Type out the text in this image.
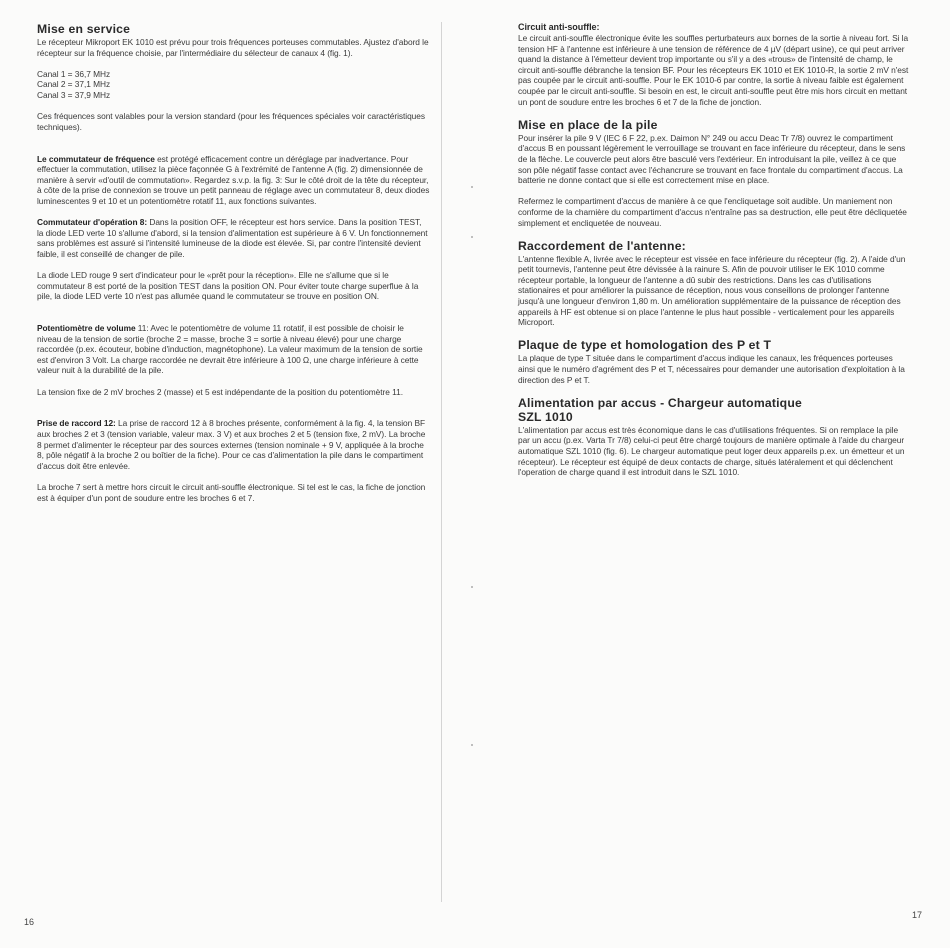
Mise en service

Le récepteur Mikroport EK 1010 est prévu pour trois fréquences porteuses commutables. Ajustez d'abord le récepteur sur la fréquence choisie, par l'intermédiaire du sélecteur de canaux 4 (fig. 1).

Canal 1 = 36,7 MHz
Canal 2 = 37,1 MHz
Canal 3 = 37,9 MHz

Ces fréquences sont valables pour la version standard (pour les fréquences spéciales voir caractéristiques techniques).

Le commutateur de fréquence est protégé efficacement contre un déréglage par inadvertance. Pour effectuer la commutation, utilisez la pièce façonnée G à l'extrémité de l'antenne A (fig. 2) dimensionnée de manière à servir «d'outil de commutation». Regardez s.v.p. la fig. 3: Sur le côté droit de la tête du récepteur, à côte de la prise de connexion se trouve un petit panneau de réglage avec un commutateur 8, deux diodes luminescentes 9 et 10 et un potentiomètre rotatif 11, aux fonctions suivantes.

Commutateur d'opération 8: Dans la position OFF, le récepteur est hors service. Dans la position TEST, la diode LED verte 10 s'allume d'abord, si la tension d'alimentation est supérieure à 6 V. Un fonctionnement sans problèmes est assuré si l'intensité lumineuse de la diode est élevée. Si, par contre l'intensité devient faible, il est conseillé de changer de pile.

La diode LED rouge 9 sert d'indicateur pour le «prêt pour la réception». Elle ne s'allume que si le commutateur 8 est porté de la position TEST dans la position ON. Pour éviter toute charge superflue à la pile, la diode LED verte 10 n'est pas allumée quand le commutateur se trouve en position ON.

Potentiomètre de volume 11: Avec le potentiomètre de volume 11 rotatif, il est possible de choisir le niveau de la tension de sortie (broche 2 = masse, broche 3 = sortie à niveau élevé) pour une charge raccordée (p.ex. écouteur, bobine d'induction, magnétophone). La valeur maximum de la tension de sortie est d'environ 3 Volt. La charge raccordée ne devrait être inférieure à 100 Ω, une charge inférieure à cette valeur nuit à la durabilité de la pile.

La tension fixe de 2 mV broches 2 (masse) et 5 est indépendante de la position du potentiomètre 11.

Prise de raccord 12: La prise de raccord 12 à 8 broches présente, conformément à la fig. 4, la tension BF aux broches 2 et 3 (tension variable, valeur max. 3 V) et aux broches 2 et 5 (tension fixe, 2 mV). La broche 8 permet d'alimenter le récepteur par des sources externes (tension nominale + 9 V, appliquée à la broche 8, pôle négatif à la broche 2 ou boîtier de la fiche). Pour ce cas d'alimentation la pile dans le compartiment d'accus doit être enlevée.

La broche 7 sert à mettre hors circuit le circuit anti-souffle électronique. Si tel est le cas, la fiche de jonction est à équiper d'un pont de soudure entre les broches 6 et 7.

Circuit anti-souffle:

Le circuit anti-souffle électronique évite les souffles perturbateurs aux bornes de la sortie à niveau fort. Si la tension HF à l'antenne est inférieure à une tension de référence de 4 µV (départ usine), ce qui peut arriver quand la distance à l'émetteur devient trop importante ou s'il y a des «trous» de l'intensité de champ, le circuit anti-souffle débranche la tension BF. Pour les récepteurs EK 1010 et EK 1010-R, la sortie 2 mV n'est pas coupée par le circuit anti-souffle. Pour le EK 1010-6 par contre, la sortie à niveau faible est également coupée par le circuit anti-souffle. Si besoin en est, le circuit anti-souffle peut être mis hors circuit en mettant un pont de soudure entre les broches 6 et 7 de la fiche de jonction.

Mise en place de la pile

Pour insérer la pile 9 V (IEC 6 F 22, p.ex. Daimon N° 249 ou accu Deac Tr 7/8) ouvrez le compartiment d'accus B en poussant légèrement le verrouillage se trouvant en face inférieure du récepteur, dans le sens de la flèche. Le couvercle peut alors être basculé vers l'extérieur. En introduisant la pile, veillez à ce que son pôle négatif fasse contact avec l'échancrure se trouvant en face frontale du compartiment d'accus. La batterie ne donne contact que si elle est correctement mise en place.

Refermez le compartiment d'accus de manière à ce que l'encliquetage soit audible. Un maniement non conforme de la charnière du compartiment d'accus n'entraîne pas sa destruction, elle peut être décliquetée simplement et encliquetée de nouveau.

Raccordement de l'antenne:

L'antenne flexible A, livrée avec le récepteur est vissée en face inférieure du récepteur (fig. 2). A l'aide d'un petit tournevis, l'antenne peut être dévissée à la rainure S. Afin de pouvoir utiliser le EK 1010 comme récepteur portable, la longueur de l'antenne a dû subir des restrictions. Dans les cas d'utilisations stationaires et pour améliorer la puissance de réception, nous vous conseillons de prolonger l'antenne jusqu'à une longueur d'environ 1,80 m. Un amélioration supplémentaire de la puissance de réception des appareils à HF est obtenue si on place l'antenne le plus haut possible - verticalement pour les appareils Microport.

Plaque de type et homologation des P et T

La plaque de type T située dans le compartiment d'accus indique les canaux, les fréquences porteuses ainsi que le numéro d'agrément des P et T, nécessaires pour demander une autorisation d'exploitation à la direction des P et T.

Alimentation par accus - Chargeur automatique
SZL 1010

L'alimentation par accus est très économique dans le cas d'utilisations fréquentes. Si on remplace la pile par un accu (p.ex. Varta Tr 7/8) celui-ci peut être chargé toujours de manière optimale à l'aide du chargeur automatique SZL 1010 (fig. 6). Le chargeur automatique peut loger deux appareils p.ex. un émetteur et un récepteur). Le récepteur est équipé de deux contacts de charge, situés latéralement et qui déclenchent l'operation de charge quand il est introduit dans le SZL 1010.

16
17
